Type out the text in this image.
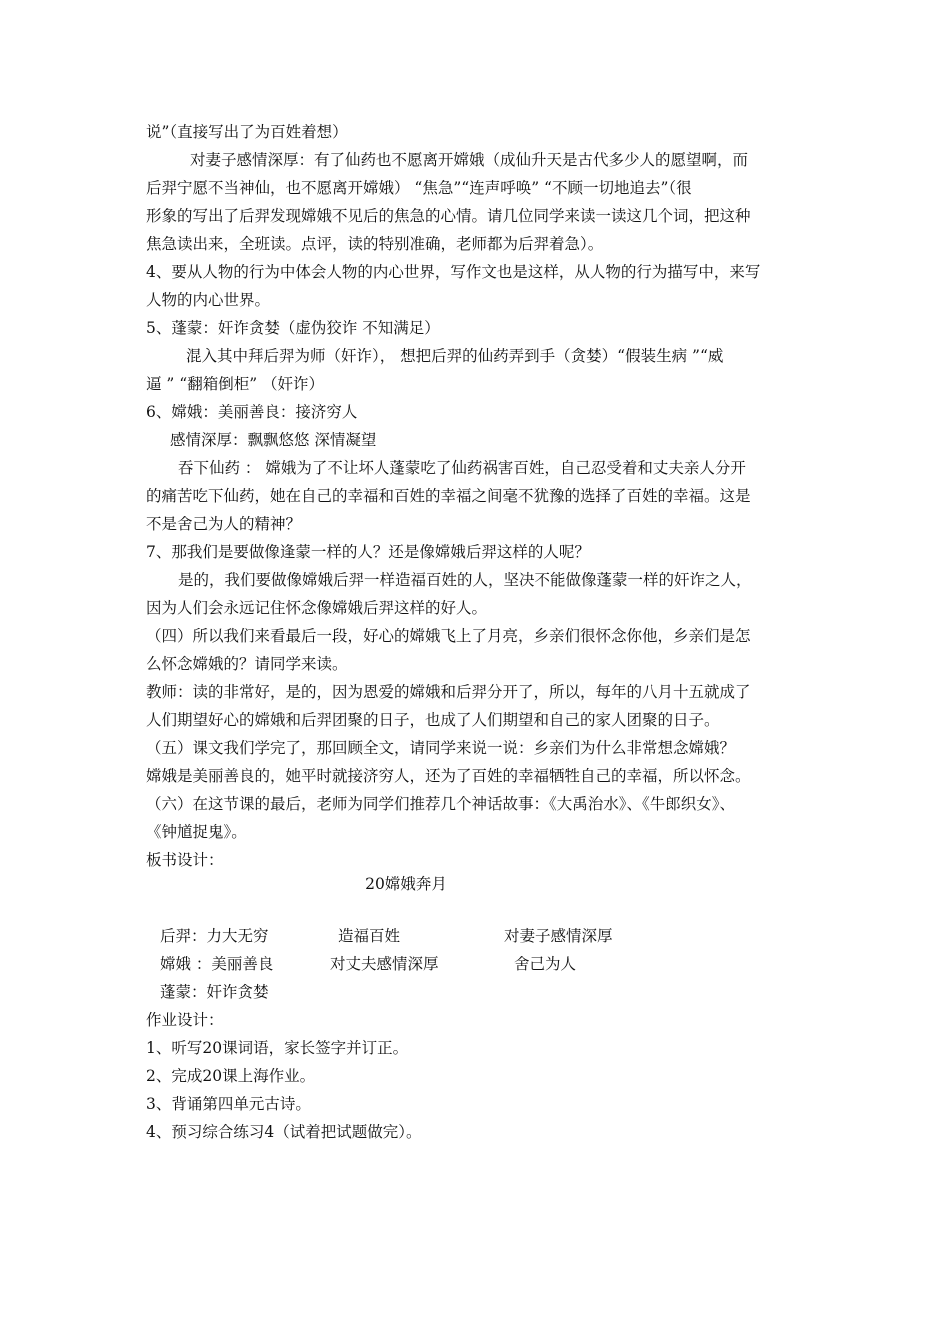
说”（直接写出了为百姓着想）
对妻子感情深厚：有了仙药也不愿离开嫦娥（成仙升天是古代多少人的愿望啊，而
后羿宁愿不当神仙，也不愿离开嫦娥） “焦急”“连声呼唤” “不顾一切地追去”（很
形象的写出了后羿发现嫦娥不见后的焦急的心情。请几位同学来读一读这几个词，把这种
焦急读出来，全班读。点评，读的特别准确，老师都为后羿着急）。
4、要从人物的行为中体会人物的内心世界，写作文也是这样，从人物的行为描写中，来写
人物的内心世界。
5、蓬蒙：奸诈贪婪（虚伪狡诈 不知满足）
混入其中拜后羿为师（奸诈）， 想把后羿的仙药弄到手（贪婪）“假装生病 ”“威
逼 ” “翻箱倒柜” （奸诈）
6、嫦娥：美丽善良：接济穷人
感情深厚：飘飘悠悠 深情凝望
吞下仙药 ： 嫦娥为了不让坏人蓬蒙吃了仙药祸害百姓，自己忍受着和丈夫亲人分开
的痛苦吃下仙药，她在自己的幸福和百姓的幸福之间毫不犹豫的选择了百姓的幸福。这是
不是舍己为人的精神？
7、那我们是要做像逢蒙一样的人？还是像嫦娥后羿这样的人呢？
是的，我们要做像嫦娥后羿一样造福百姓的人，坚决不能做像蓬蒙一样的奸诈之人，
因为人们会永远记住怀念像嫦娥后羿这样的好人。
（四）所以我们来看最后一段，好心的嫦娥飞上了月亮，乡亲们很怀念你他，乡亲们是怎
么怀念嫦娥的？请同学来读。
教师：读的非常好，是的，因为恩爱的嫦娥和后羿分开了，所以，每年的八月十五就成了
人们期望好心的嫦娥和后羿团聚的日子，也成了人们期望和自己的家人团聚的日子。
（五）课文我们学完了，那回顾全文，请同学来说一说：乡亲们为什么非常想念嫦娥？
嫦娥是美丽善良的，她平时就接济穷人，还为了百姓的幸福牺牲自己的幸福，所以怀念。
（六）在这节课的最后，老师为同学们推荐几个神话故事：《大禹治水》、《牛郎织女》、
《钟馗捉鬼》。
板书设计：
20嫦娥奔月
后羿：力大无穷	造福百姓	对妻子感情深厚
嫦娥 ：美丽善良	对丈夫感情深厚	舍己为人
蓬蒙：奸诈贪婪
作业设计：
1、听写20课词语，家长签字并订正。
2、完成20课上海作业。
3、背诵第四单元古诗。
4、预习综合练习4（试着把试题做完）。
